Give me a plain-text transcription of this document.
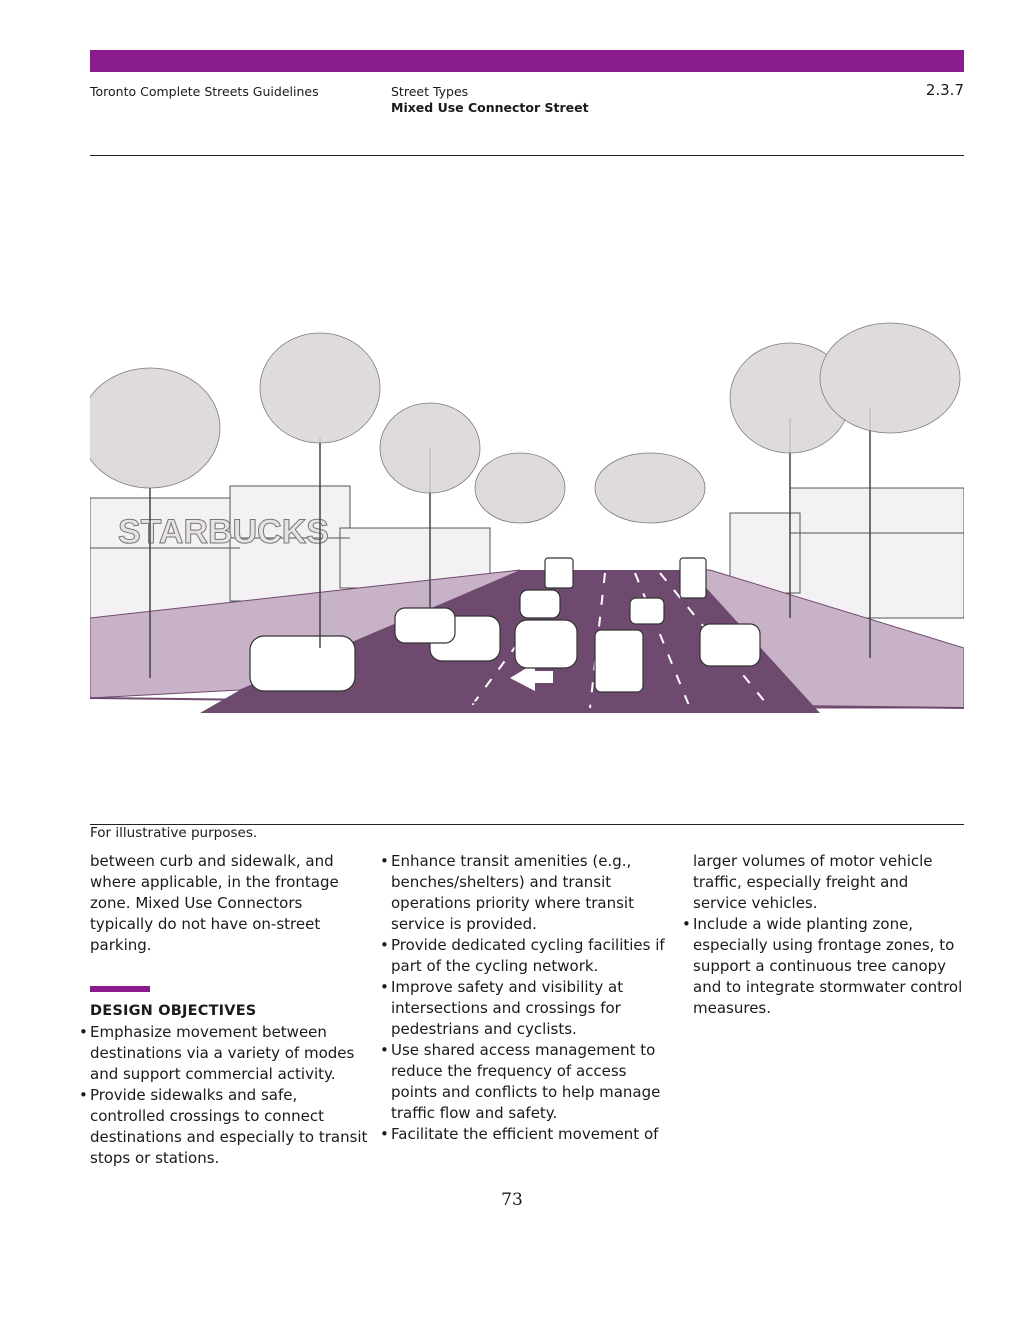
Toronto Complete Streets Guidelines	Street Types
Mixed Use Connector Street
2.3.7
STARBUCKS
For illustrative purposes.

between curb and sidewalk, and where applicable, in the frontage zone. Mixed Use Connectors typically do not have on-street parking.

DESIGN OBJECTIVES
• Emphasize movement between destinations via a variety of modes and support commercial activity.
• Provide sidewalks and safe, controlled crossings to connect destinations and especially to transit stops or stations.
• Enhance transit amenities (e.g., benches/shelters) and transit operations priority where transit service is provided.
• Provide dedicated cycling facilities if part of the cycling network.
• Improve safety and visibility at intersections and crossings for pedestrians and cyclists.
• Use shared access management to reduce the frequency of access points and conflicts to help manage traffic flow and safety.
• Facilitate the efficient movement of

larger volumes of motor vehicle traffic, especially freight and service vehicles.

• Include a wide planting zone, especially using frontage zones, to support a continuous tree canopy and to integrate stormwater control measures.
73
